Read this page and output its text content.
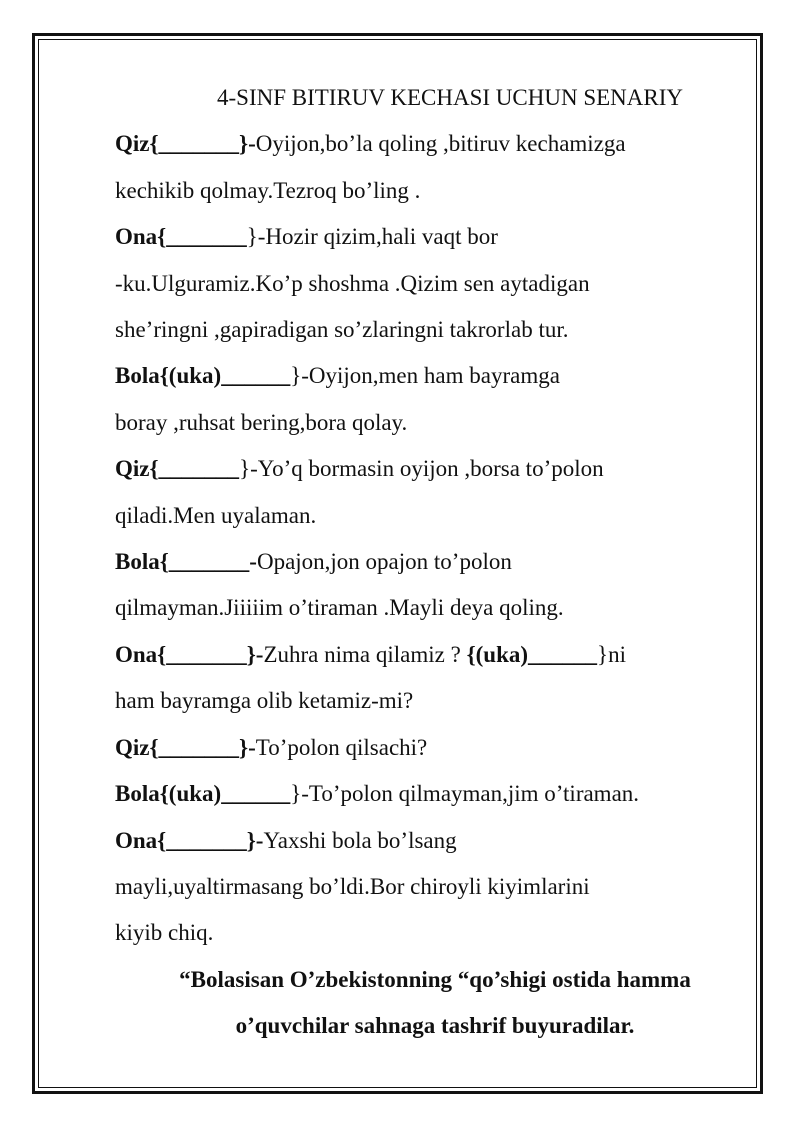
4-SINF BITIRUV KECHASI UCHUN SENARIY
Qiz{_______}-Oyijon,bo’la qoling ,bitiruv kechamizga
kechikib qolmay.Tezroq bo’ling .
Ona{_______}-Hozir qizim,hali vaqt bor
-ku.Ulguramiz.Ko’p shoshma .Qizim sen aytadigan
she’ringni ,gapiradigan so’zlaringni takrorlab tur.
Bola{(uka)______}-Oyijon,men ham bayramga
boray ,ruhsat bering,bora qolay.
Qiz{_______}-Yo’q bormasin oyijon ,borsa to’polon
qiladi.Men uyalaman.
Bola{_______-Opajon,jon opajon to’polon
qilmayman.Jiiiiim o’tiraman .Mayli deya qoling.
Ona{_______}-Zuhra nima qilamiz ? {(uka)______}ni
ham bayramga olib ketamiz-mi?
Qiz{_______}-To’polon qilsachi?
Bola{(uka)______}-To’polon qilmayman,jim o’tiraman.
Ona{_______}-Yaxshi bola bo’lsang
mayli,uyaltirmasang bo’ldi.Bor chiroyli kiyimlarini
kiyib chiq.
“Bolasisan O’zbekistonning “qo’shigi ostida hamma
o’quvchilar sahnaga tashrif buyuradilar.
